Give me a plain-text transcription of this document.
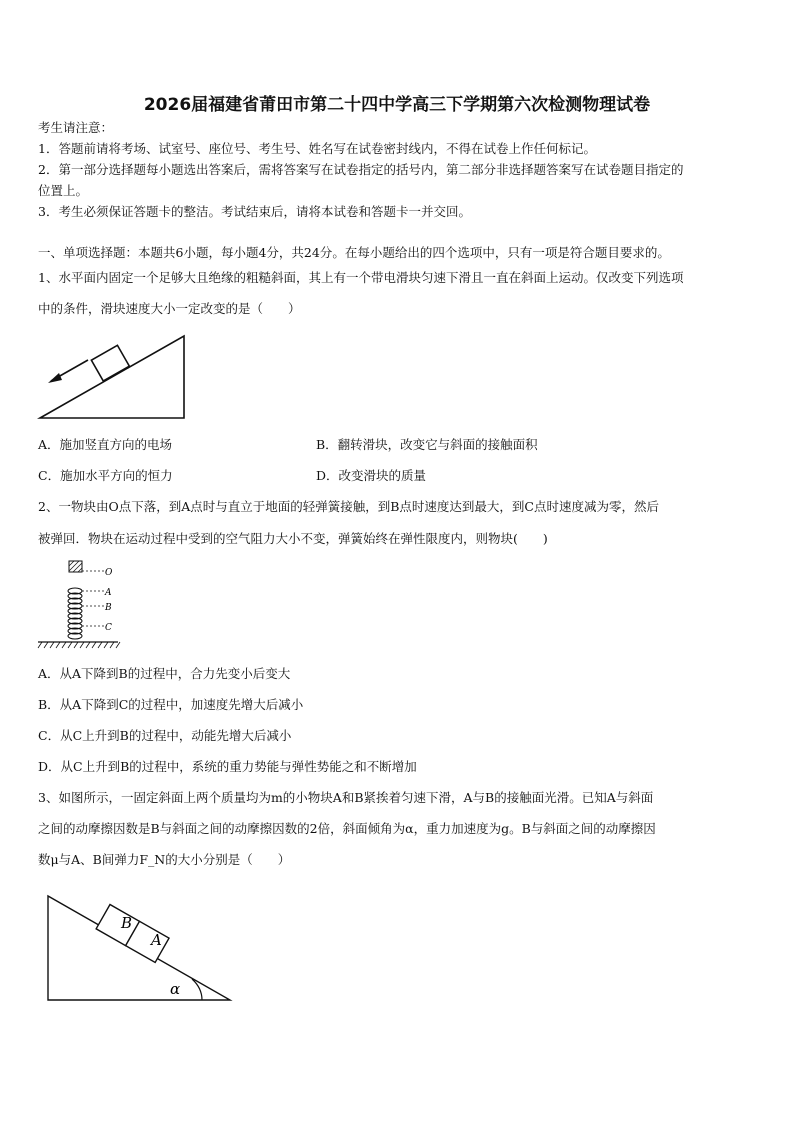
2026届福建省莆田市第二十四中学高三下学期第六次检测物理试卷
考生请注意：
1．答题前请将考场、试室号、座位号、考生号、姓名写在试卷密封线内，不得在试卷上作任何标记。
2．第一部分选择题每小题选出答案后，需将答案写在试卷指定的括号内，第二部分非选择题答案写在试卷题目指定的
位置上。
3．考生必须保证答题卡的整洁。考试结束后，请将本试卷和答题卡一并交回。
一、单项选择题：本题共6小题，每小题4分，共24分。在每小题给出的四个选项中，只有一项是符合题目要求的。
1、水平面内固定一个足够大且绝缘的粗糙斜面，其上有一个带电滑块匀速下滑且一直在斜面上运动。仅改变下列选项
中的条件，滑块速度大小一定改变的是（　　）
A．施加竖直方向的电场	B．翻转滑块，改变它与斜面的接触面积
C．施加水平方向的恒力	D．改变滑块的质量
2、一物块由O点下落，到A点时与直立于地面的轻弹簧接触，到B点时速度达到最大，到C点时速度减为零，然后
被弹回．物块在运动过程中受到的空气阻力大小不变，弹簧始终在弹性限度内，则物块(　　)
O
A
B
C
A．从A下降到B的过程中，合力先变小后变大
B．从A下降到C的过程中，加速度先增大后减小
C．从C上升到B的过程中，动能先增大后减小
D．从C上升到B的过程中，系统的重力势能与弹性势能之和不断增加
3、如图所示，一固定斜面上两个质量均为m的小物块A和B紧挨着匀速下滑，A与B的接触面光滑。已知A与斜面
之间的动摩擦因数是B与斜面之间的动摩擦因数的2倍，斜面倾角为α，重力加速度为g。B与斜面之间的动摩擦因
数μ与A、B间弹力F_N的大小分别是（　　）
B
A
α
